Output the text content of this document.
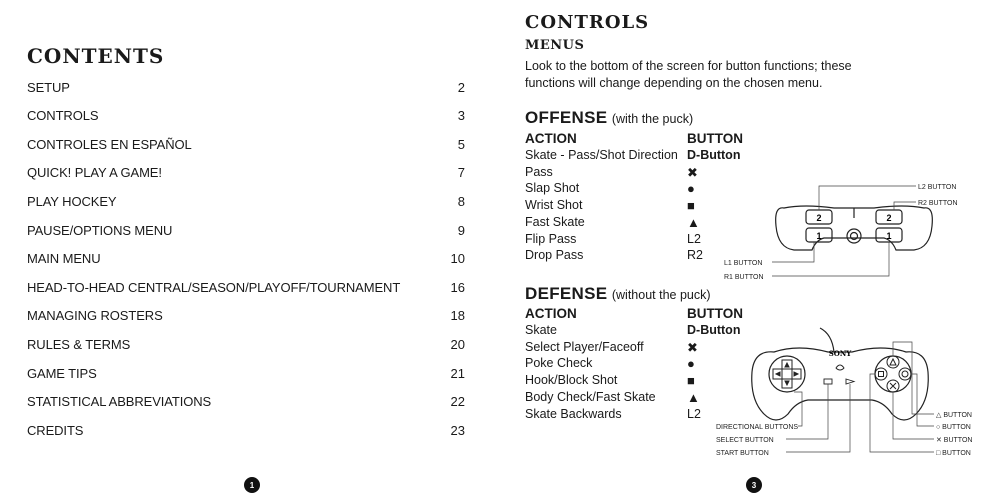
CONTENTS
SETUP	2
CONTROLS	3
CONTROLES EN ESPAÑOL	5
QUICK! PLAY A GAME!	7
PLAY HOCKEY	8
PAUSE/OPTIONS MENU	9
MAIN MENU	10
HEAD-TO-HEAD CENTRAL/SEASON/PLAYOFF/TOURNAMENT	16
MANAGING ROSTERS	18
RULES & TERMS	20
GAME TIPS	21
STATISTICAL ABBREVIATIONS	22
CREDITS	23
1
CONTROLS
MENUS
Look to the bottom of the screen for button functions; these functions will change depending on the chosen menu.
OFFENSE (with the puck)
ACTION	BUTTON
Skate - Pass/Shot Direction D-Button
Pass	✖
Slap Shot	●
Wrist Shot	■
Fast Skate	▲
Flip Pass	L2
Drop Pass	R2
DEFENSE (without the puck)
ACTION	BUTTON
Skate	D-Button
Select Player/Faceoff	✖
Poke Check	●
Hook/Block Shot	■
Body Check/Fast Skate ▲
Skate Backwards	L2
2
1
2
1
L2 BUTTON
R2 BUTTON
L1 BUTTON
R1 BUTTON
SONY
DIRECTIONAL BUTTONS
SELECT BUTTON
START BUTTON
△ BUTTON
○ BUTTON
✕ BUTTON
□ BUTTON
3
